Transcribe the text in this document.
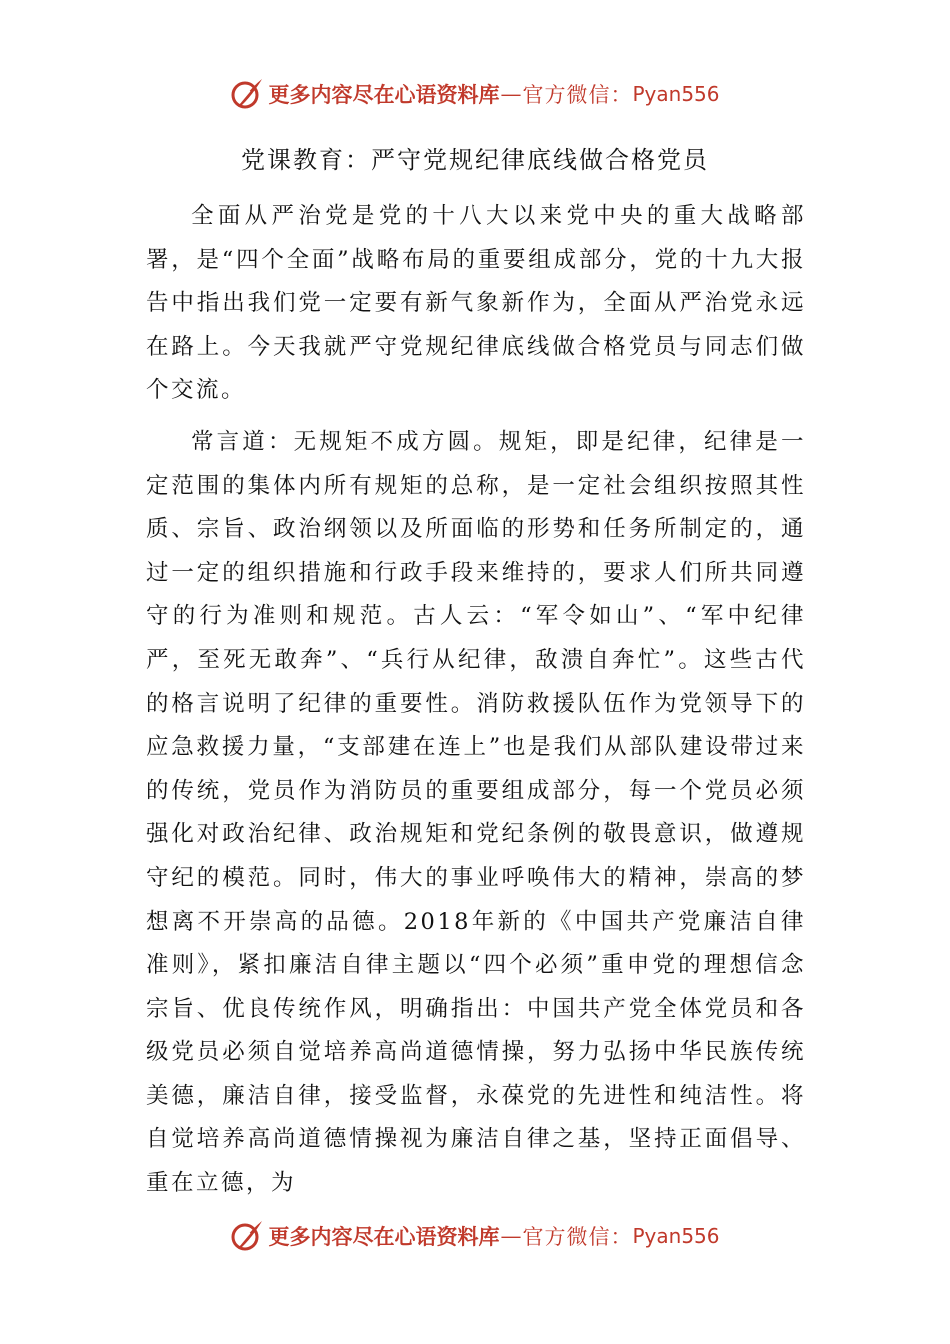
更多内容尽在心语资料库 — 官方微信： Pyan556
党课教育：严守党规纪律底线做合格党员

全面从严治党是党的十八大以来党中央的重大战略部署，是“四个全面”战略布局的重要组成部分，党的十九大报告中指出我们党一定要有新气象新作为，全面从严治党永远在路上。今天我就严守党规纪律底线做合格党员与同志们做个交流。

常言道：无规矩不成方圆。规矩，即是纪律，纪律是一定范围的集体内所有规矩的总称，是一定社会组织按照其性质、宗旨、政治纲领以及所面临的形势和任务所制定的，通过一定的组织措施和行政手段来维持的，要求人们所共同遵守的行为准则和规范。古人云：“军令如山”、“军中纪律严，至死无敢奔”、“兵行从纪律，敌溃自奔忙”。这些古代的格言说明了纪律的重要性。消防救援队伍作为党领导下的应急救援力量，“支部建在连上”也是我们从部队建设带过来的传统，党员作为消防员的重要组成部分，每一个党员必须强化对政治纪律、政治规矩和党纪条例的敬畏意识，做遵规守纪的模范。同时，伟大的事业呼唤伟大的精神，崇高的梦想离不开崇高的品德。2018年新的《中国共产党廉洁自律准则》，紧扣廉洁自律主题以“四个必须”重申党的理想信念宗旨、优良传统作风，明确指出：中国共产党全体党员和各级党员必须自觉培养高尚道德情操，努力弘扬中华民族传统美德，廉洁自律，接受监督，永葆党的先进性和纯洁性。将自觉培养高尚道德情操视为廉洁自律之基，坚持正面倡导、重在立德，为

更多内容尽在心语资料库 — 官方微信： Pyan556
